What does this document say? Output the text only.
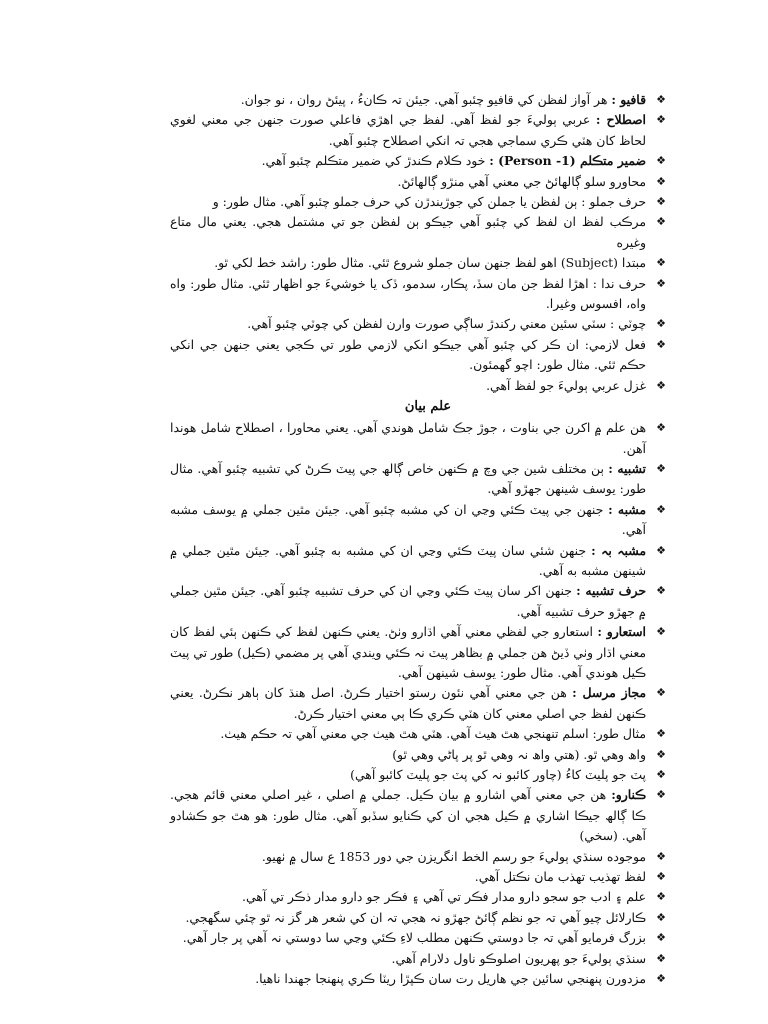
❖
قافيو : هر آواز لفظن کي قافيو چئبو آهي. جيئن تہ ڪانءُ ، پيئڻ روان ، نو جوان.
❖
اصطلاح : عربي ٻوليءَ جو لفظ آهي. لفظ جي اهڙي فاعلي صورت جنهن جي معني لغوي لحاظ کان هٽي ڪري سماجي هجي تہ انکي اصطلاح چئبو آهي.
❖
ضمير متڪلم (Person -1) : خود ڪلام ڪندڙ کي ضمير متڪلم چئبو آهي.
❖
محاورو سلو ڳالهائڻ جي معني آهي منڙو ڳالهائڻ.
❖
حرف جملو : ٻن لفظن يا جملن کي جوڙيندڙن کي حرف جملو چئبو آهي. مثال طور: و
❖
مرڪب لفظ ان لفظ کي چئبو آهي جيڪو ٻن لفظن جو تي مشتمل هجي. يعني مال متاع وغيره
❖
مبتدا (Subject) اهو لفظ جنهن سان جملو شروع ٿئي. مثال طور: راشد خط لکي ٿو.
❖
حرف ندا : اهڙا لفظ جن مان سڏ، پڪار، سدمو، ڏک يا خوشيءَ جو اظهار ٿئي. مثال طور: واه واه، افسوس وغيرا.
❖
چوٽي : سٽي سئين معني رکندڙ ساڳي صورت وارن لفظن کي چوٽي چئبو آهي.
❖
فعل لازمي: ان ڪر کي چئبو آهي جيڪو انکي لازمي طور تي ڪجي يعني جنهن جي انکي حڪم ٿئي. مثال طور: اچو گهمئون.
❖
غزل عربي ٻوليءَ جو لفظ آهي.
علم بيان
❖
هن علم ۾ اکرن جي بناوت ، جوڙ جڪ شامل هوندي آهي. يعني محاورا ، اصطلاح شامل هوندا آهن.
❖
تشبيه : ٻن مختلف شين جي وچ ۾ ڪنهن خاص ڳالھ جي پيٽ ڪرڻ کي تشبيه چئبو آهي. مثال طور: يوسف شينهن جهڙو آهي.
❖
مشبه : جنهن جي پيٽ ڪئي وڃي ان کي مشبه چئبو آهي. جيئن مٿين جملي ۾ يوسف مشبه آهي.
❖
مشبہ بہ : جنهن شئي سان پيٽ ڪئي وڃي ان کي مشبه به چئبو آهي. جيئن مٿين جملي ۾ شينهن مشبه به آهي.
❖
حرف تشبيه : جنهن اکر سان پيٽ ڪئي وڃي ان کي حرف تشبيه چئبو آهي. جيئن مٿين جملي ۾ جهڙو حرف تشبيه آهي.
❖
استعارو : استعارو جي لفظي معني آهي اڌارو وٺڻ. يعني ڪنهن لفظ کي ڪنهن ٻئي لفظ کان معني اڌار وٺي ڏيڻ هن جملي ۾ بظاهر پيٽ نہ ڪئي ويندي آهي پر مضمي (ڪيل) طور تي پيٽ ڪيل هوندي آهي. مثال طور: يوسف شينهن آهي.
❖
مجاز مرسل : هن جي معني آهي نئون رستو اختيار ڪرڻ. اصل هنڌ کان ٻاهر نڪرڻ. يعني ڪنهن لفظ جي اصلي معني کان هٽي ڪري ڪا ٻي معني اختيار ڪرڻ.
❖
مثال طور: اسلم تنهنجي هٿ هيٺ آهي. هٽي هٿ هيٺ جي معني آهي تہ حڪم هيٺ.
❖
واھ وهي ٿو. (هتي واھ نہ وهي ٿو پر پاڻي وهي ٿو)
❖
پٽ جو پليٽ کاءُ (چاور کائبو نہ کي پٽ جو پليٽ کائبو آهي)
❖
ڪنارو: هن جي معني آهي اشارو ۾ بيان ڪيل. جملي ۾ اصلي ، غير اصلي معني قائم هجي. ڪا ڳالھ جيڪا اشاري ۾ ڪيل هجي ان کي ڪنايو سڏبو آهي. مثال طور: هو هٿ جو ڪشادو آهي. (سخي)
❖
موجوده سنڌي ٻوليءَ جو رسم الخط انگريزن جي دور 1853 ع سال ۾ ٺهيو.
❖
لفظ تهذيب تهذب مان نڪتل آهي.
❖
علم ۽ ادب جو سجو دارو مدار فڪر تي آهي ۽ فڪر جو دارو مدار ذڪر تي آهي.
❖
ڪارلائل چيو آهي تہ جو نظم ڳائڻ جهڙو نہ هجي تہ ان کي شعر هر گز نہ ٿو چئي سگهجي.
❖
بزرگ فرمايو آهي تہ جا دوستي ڪنهن مطلب لاءِ ڪئي وڃي سا دوستي نہ آهي پر جار آهي.
❖
سنڌي ٻوليءَ جو پهريون اصلوڪو ناول دلارام آهي.
❖
مزدورن پنهنجي سائين جي هاريل رت سان ڪپڙا ريٽا ڪري پنهنجا جهندا ناهيا.
